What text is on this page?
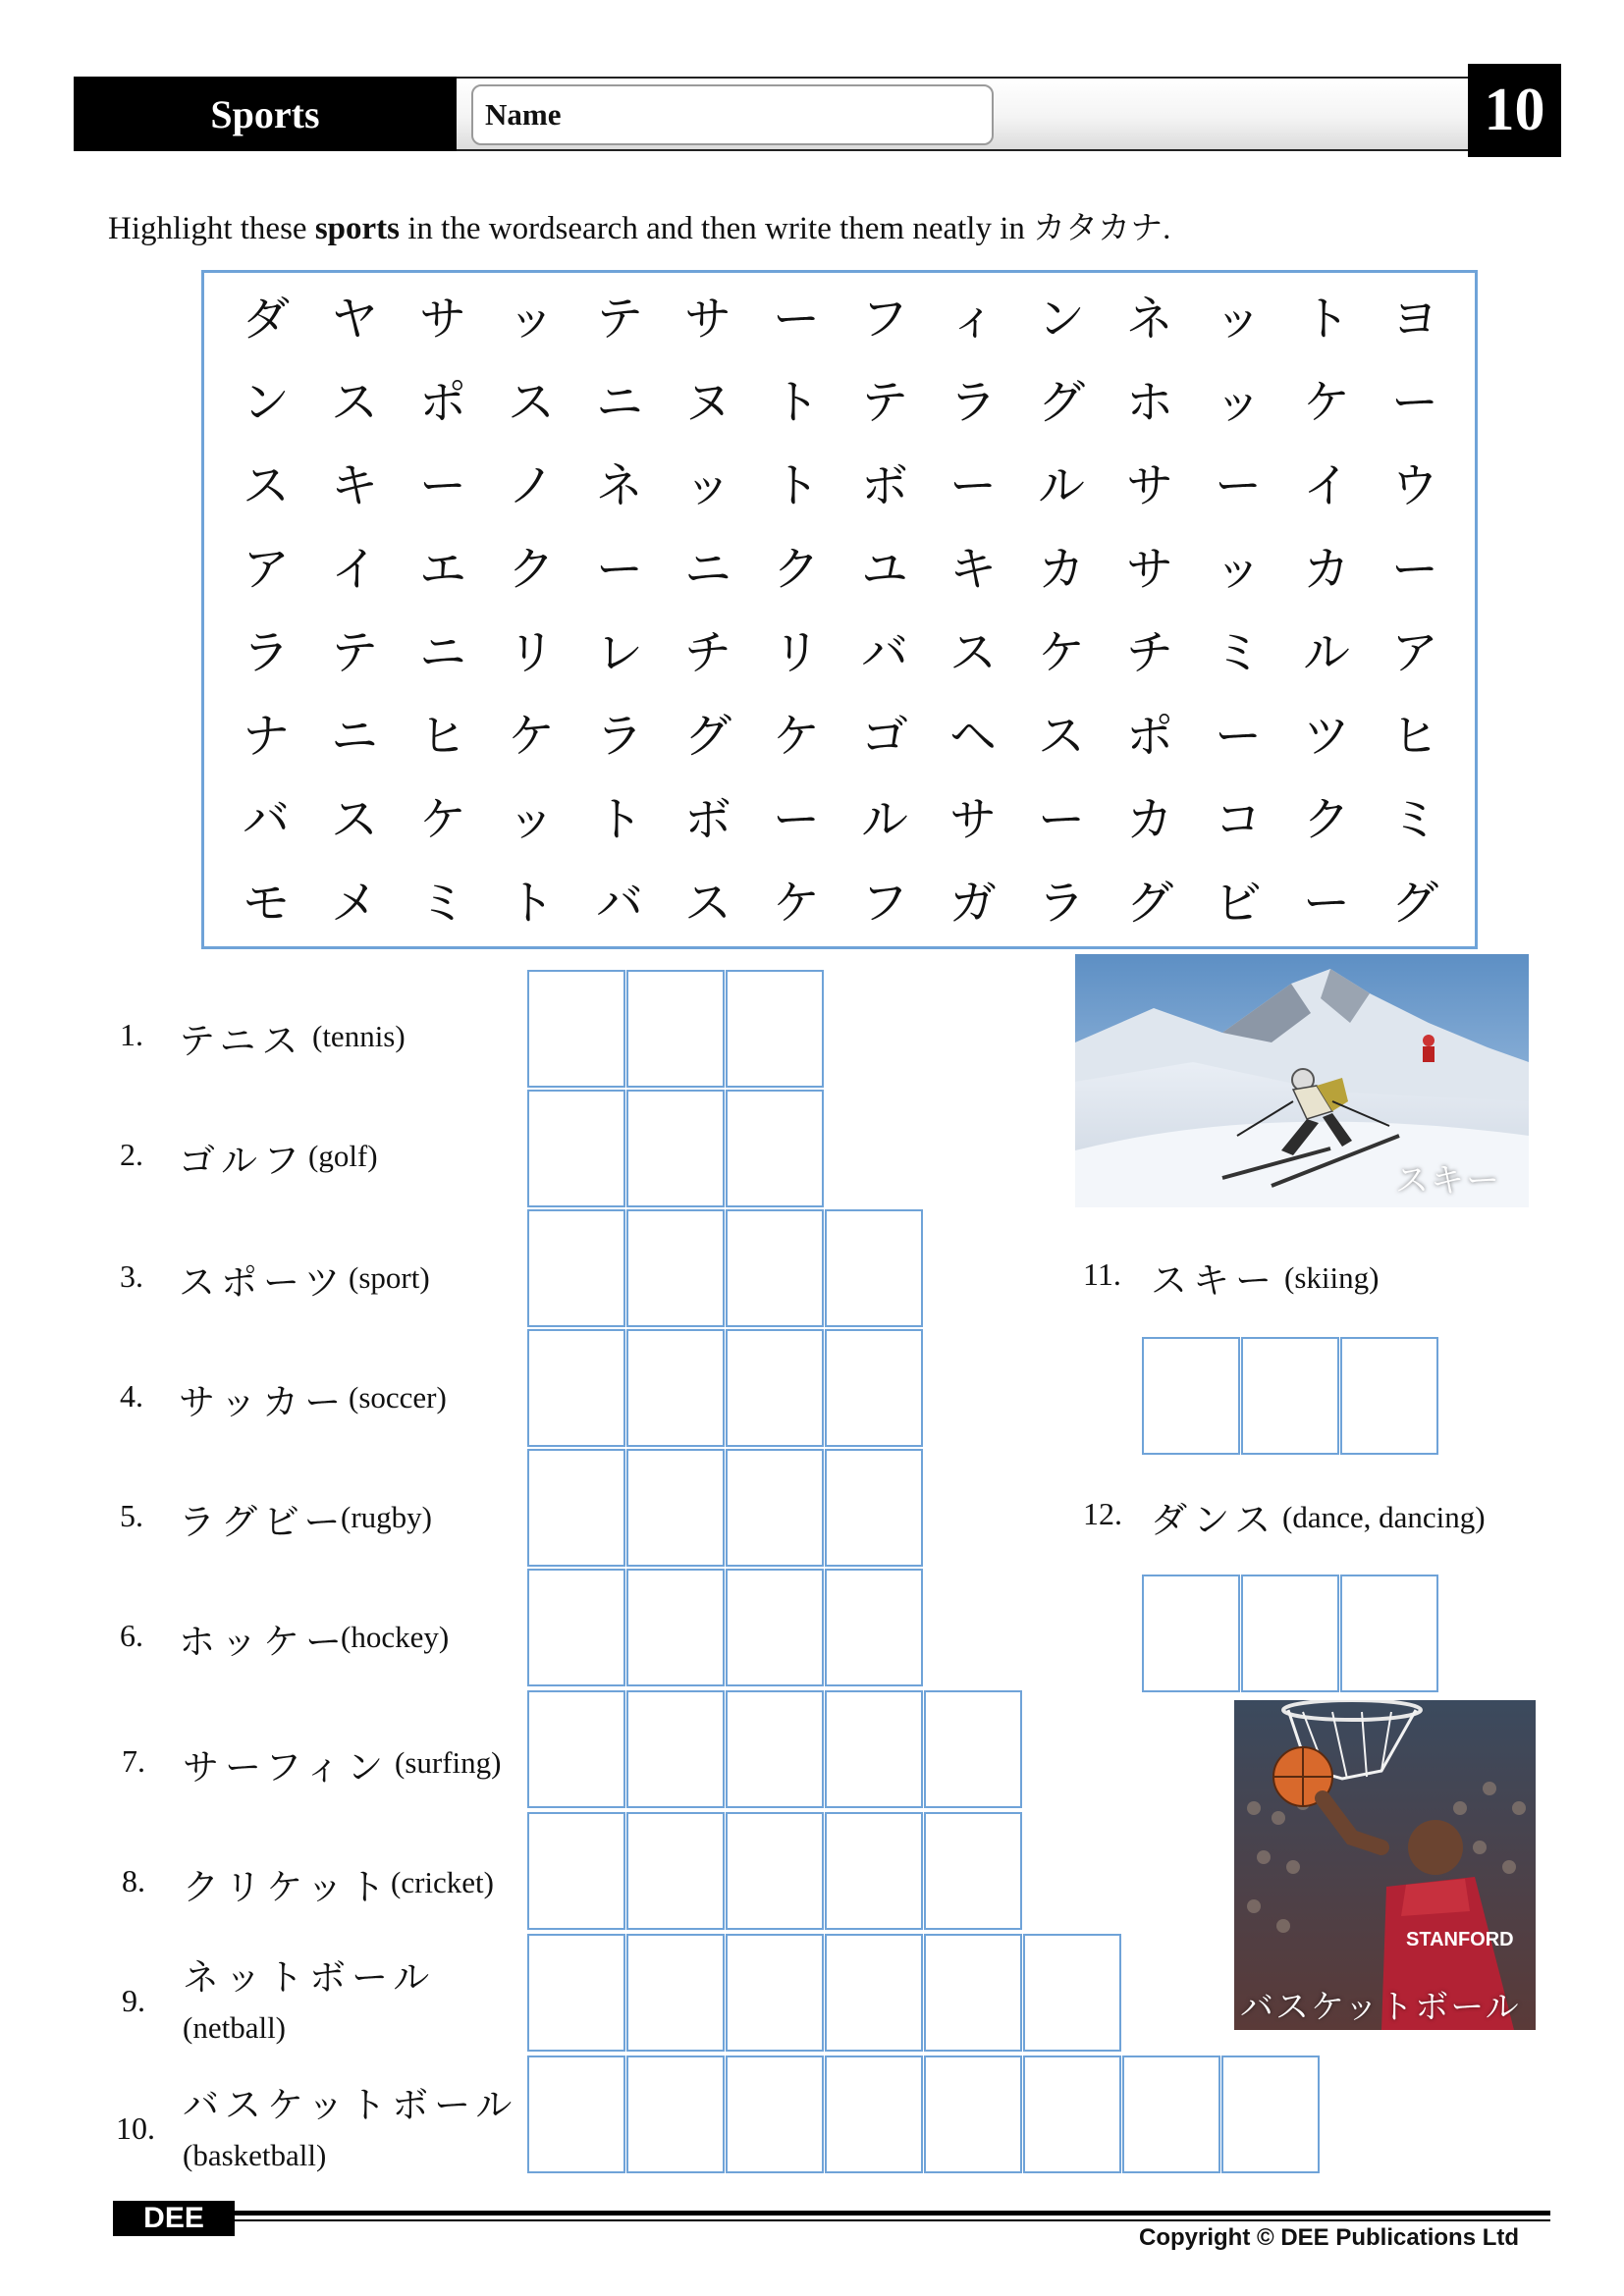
Sports	Name	10
Highlight these sports in the wordsearch and then write them neatly in カタカナ.
ダ ヤ サ ッ テ サ ー フ ィ ン ネ ッ ト ヨ
ン ス ポ ス ニ ヌ ト テ ラ グ ホ ッ ケ ー
ス キ ー ノ ネ ッ ト ボ ー ル サ ー イ ウ
ア イ エ ク ー ニ ク ユ キ カ サ ッ カ ー
ラ テ ニ リ レ チ リ バ ス ケ チ ミ ル ア
ナ ニ ヒ ケ ラ グ ケ ゴ ヘ ス ポ ー ツ ヒ
バ ス ケ ッ ト ボ ー ル サ ー カ コ ク ミ
モ メ ミ ト バ ス ケ フ ガ ラ グ ビ ー グ
1. テニス (tennis)
2. ゴルフ (golf)
3. スポーツ (sport)
4. サッカー (soccer)
5. ラグビー
(rugby)
6. ホッケー
(hockey)
7. サーフィン (surfing)
8. クリケット (cricket)
9.
ネットボール
(netball)
10.
バスケットボール
(basketball)
11. スキー (skiing)
12. ダンス (dance, dancing)
スキー
STANFORD
バスケットボール
DEE
Copyright © DEE Publications Ltd
